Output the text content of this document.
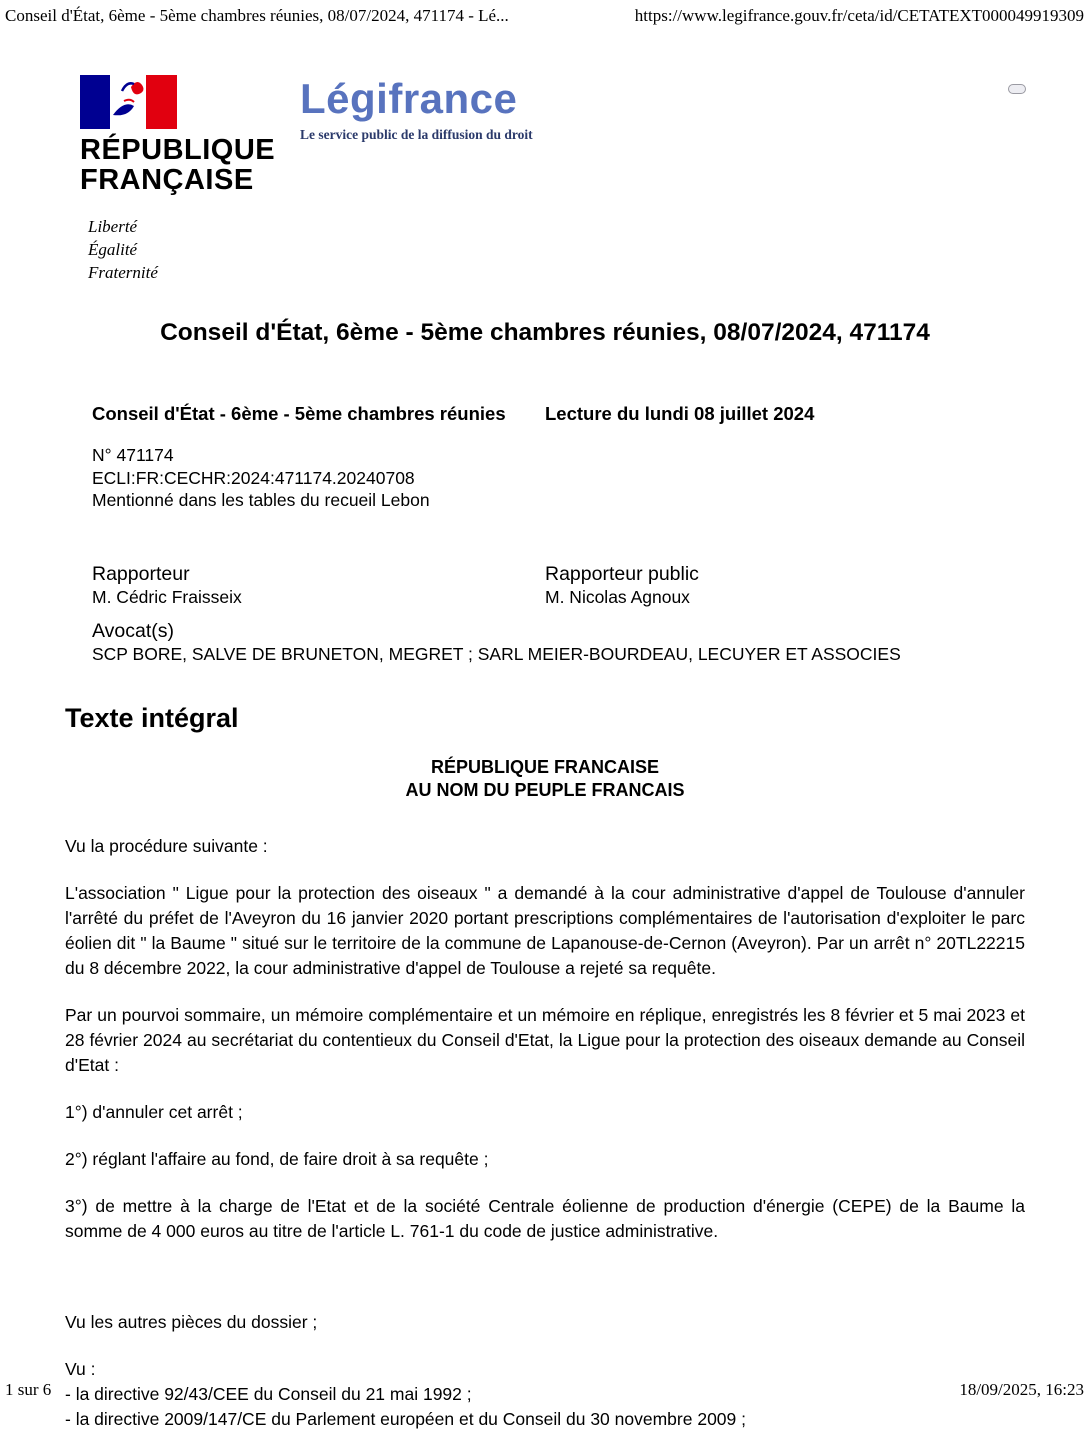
Conseil d'État, 6ème - 5ème chambres réunies, 08/07/2024, 471174 - Lé...	https://www.legifrance.gouv.fr/ceta/id/CETATEXT000049919309
RÉPUBLIQUE
FRANÇAISE
Liberté
Égalité
Fraternité
Légifrance
Le service public de la diffusion du droit
Conseil d'État, 6ème - 5ème chambres réunies, 08/07/2024, 471174
Conseil d'État - 6ème - 5ème chambres réunies	Lecture du lundi 08 juillet 2024
N° 471174
ECLI:FR:CECHR:2024:471174.20240708
Mentionné dans les tables du recueil Lebon
Rapporteur
M. Cédric Fraisseix
Rapporteur public
M. Nicolas Agnoux
Avocat(s)
SCP BORE, SALVE DE BRUNETON, MEGRET ; SARL MEIER-BOURDEAU, LECUYER ET ASSOCIES
Texte intégral
RÉPUBLIQUE FRANCAISE
AU NOM DU PEUPLE FRANCAIS

Vu la procédure suivante :

L'association " Ligue pour la protection des oiseaux " a demandé à la cour administrative d'appel de Toulouse d'annuler l'arrêté du préfet de l'Aveyron du 16 janvier 2020 portant prescriptions complémentaires de l'autorisation d'exploiter le parc éolien dit " la Baume " situé sur le territoire de la commune de Lapanouse-de-Cernon (Aveyron). Par un arrêt n° 20TL22215 du 8 décembre 2022, la cour administrative d'appel de Toulouse a rejeté sa requête.

Par un pourvoi sommaire, un mémoire complémentaire et un mémoire en réplique, enregistrés les 8 février et 5 mai 2023 et 28 février 2024 au secrétariat du contentieux du Conseil d'Etat, la Ligue pour la protection des oiseaux demande au Conseil d'Etat :

1°) d'annuler cet arrêt ;

2°) réglant l'affaire au fond, de faire droit à sa requête ;

3°) de mettre à la charge de l'Etat et de la société Centrale éolienne de production d'énergie (CEPE) de la Baume la somme de 4 000 euros au titre de l'article L. 761-1 du code de justice administrative.

Vu les autres pièces du dossier ;

Vu :

- la directive 92/43/CEE du Conseil du 21 mai 1992 ;

- la directive 2009/147/CE du Parlement européen et du Conseil du 30 novembre 2009 ;

1 sur 6	18/09/2025, 16:23
